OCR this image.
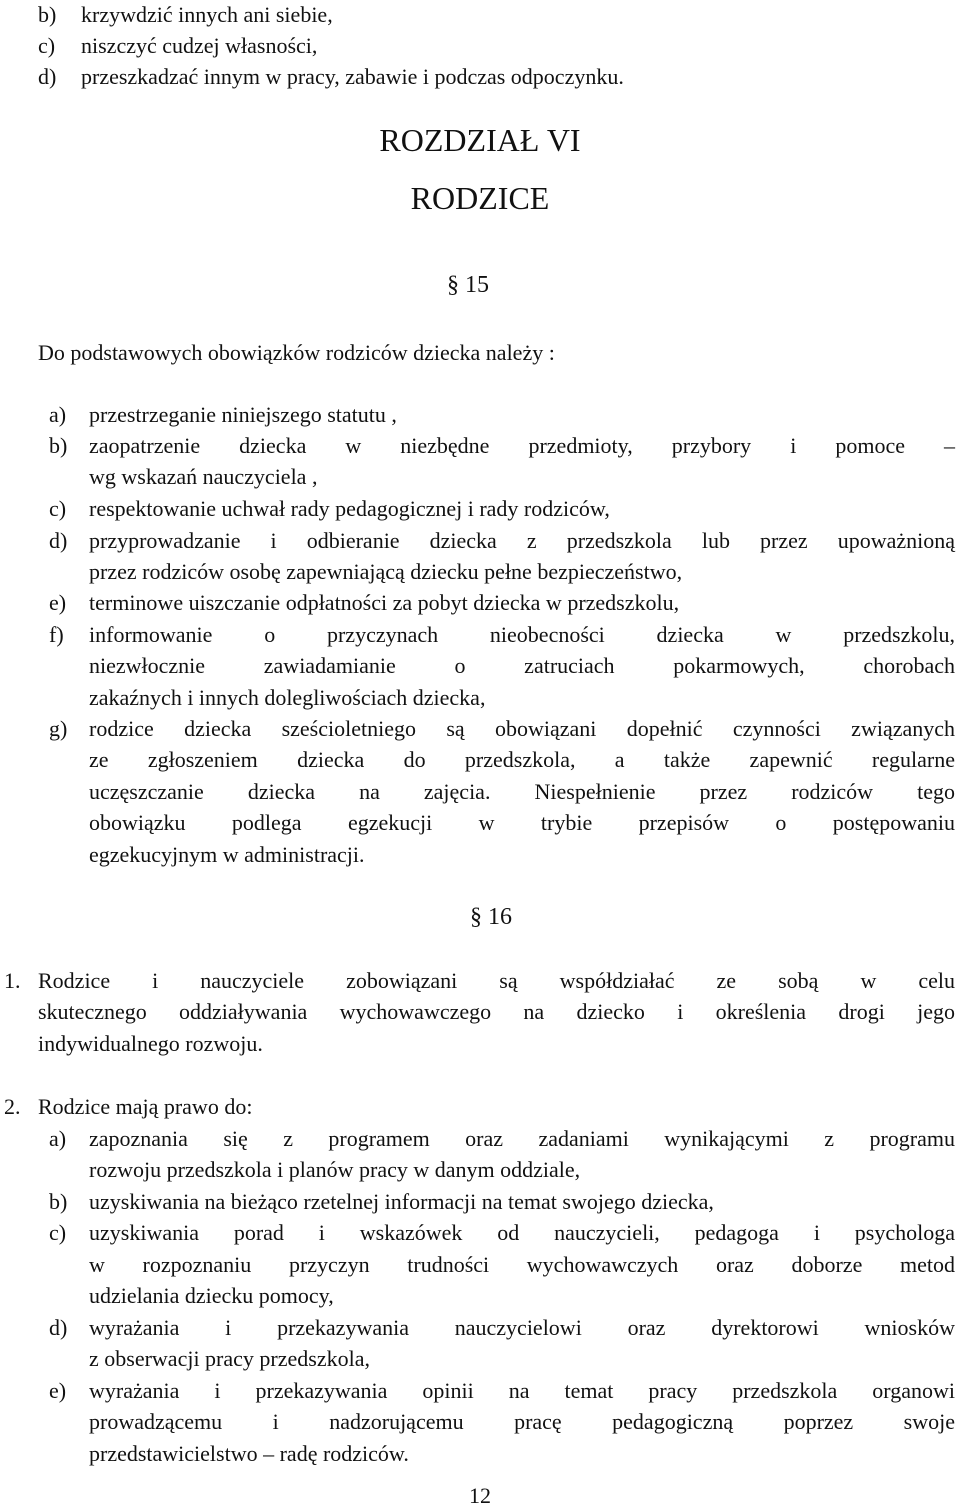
b) krzywdzić innych ani siebie,
c) niszczyć cudzej własności,
d) przeszkadzać innym w pracy, zabawie i podczas odpoczynku.
ROZDZIAŁ VI
RODZICE
§ 15
Do podstawowych obowiązków rodziców dziecka należy :
a) przestrzeganie niniejszego statutu ,
b) zaopatrzenie dziecka w niezbędne przedmioty, przybory i pomoce –
wg wskazań nauczyciela ,
c) respektowanie uchwał rady pedagogicznej i rady rodziców,
d) przyprowadzanie i odbieranie dziecka z przedszkola lub przez upoważnioną
przez rodziców osobę zapewniającą dziecku pełne bezpieczeństwo,
e) terminowe uiszczanie odpłatności za pobyt dziecka w przedszkolu,
f) informowanie o przyczynach nieobecności dziecka w przedszkolu,
niezwłocznie zawiadamianie o zatruciach pokarmowych, chorobach
zakaźnych i innych dolegliwościach dziecka,
g) rodzice dziecka sześcioletniego są obowiązani dopełnić czynności związanych
ze zgłoszeniem dziecka do przedszkola, a także zapewnić regularne
uczęszczanie dziecka na zajęcia. Niespełnienie przez rodziców tego
obowiązku podlega egzekucji w trybie przepisów o postępowaniu
egzekucyjnym w administracji.
§ 16
1. Rodzice i nauczyciele zobowiązani są współdziałać ze sobą w celu
skutecznego oddziaływania wychowawczego na dziecko i określenia drogi jego
indywidualnego rozwoju.
2. Rodzice mają prawo do:
a) zapoznania się z programem oraz zadaniami wynikającymi z programu
rozwoju przedszkola i planów pracy w danym oddziale,
b) uzyskiwania na bieżąco rzetelnej informacji na temat swojego dziecka,
c) uzyskiwania porad i wskazówek od nauczycieli, pedagoga i psychologa
w rozpoznaniu przyczyn trudności wychowawczych oraz doborze metod
udzielania dziecku pomocy,
d) wyrażania i przekazywania nauczycielowi oraz dyrektorowi wniosków
z obserwacji pracy przedszkola,
e) wyrażania i przekazywania opinii na temat pracy przedszkola organowi
prowadzącemu i nadzorującemu pracę pedagogiczną poprzez swoje
przedstawicielstwo – radę rodziców.
12
